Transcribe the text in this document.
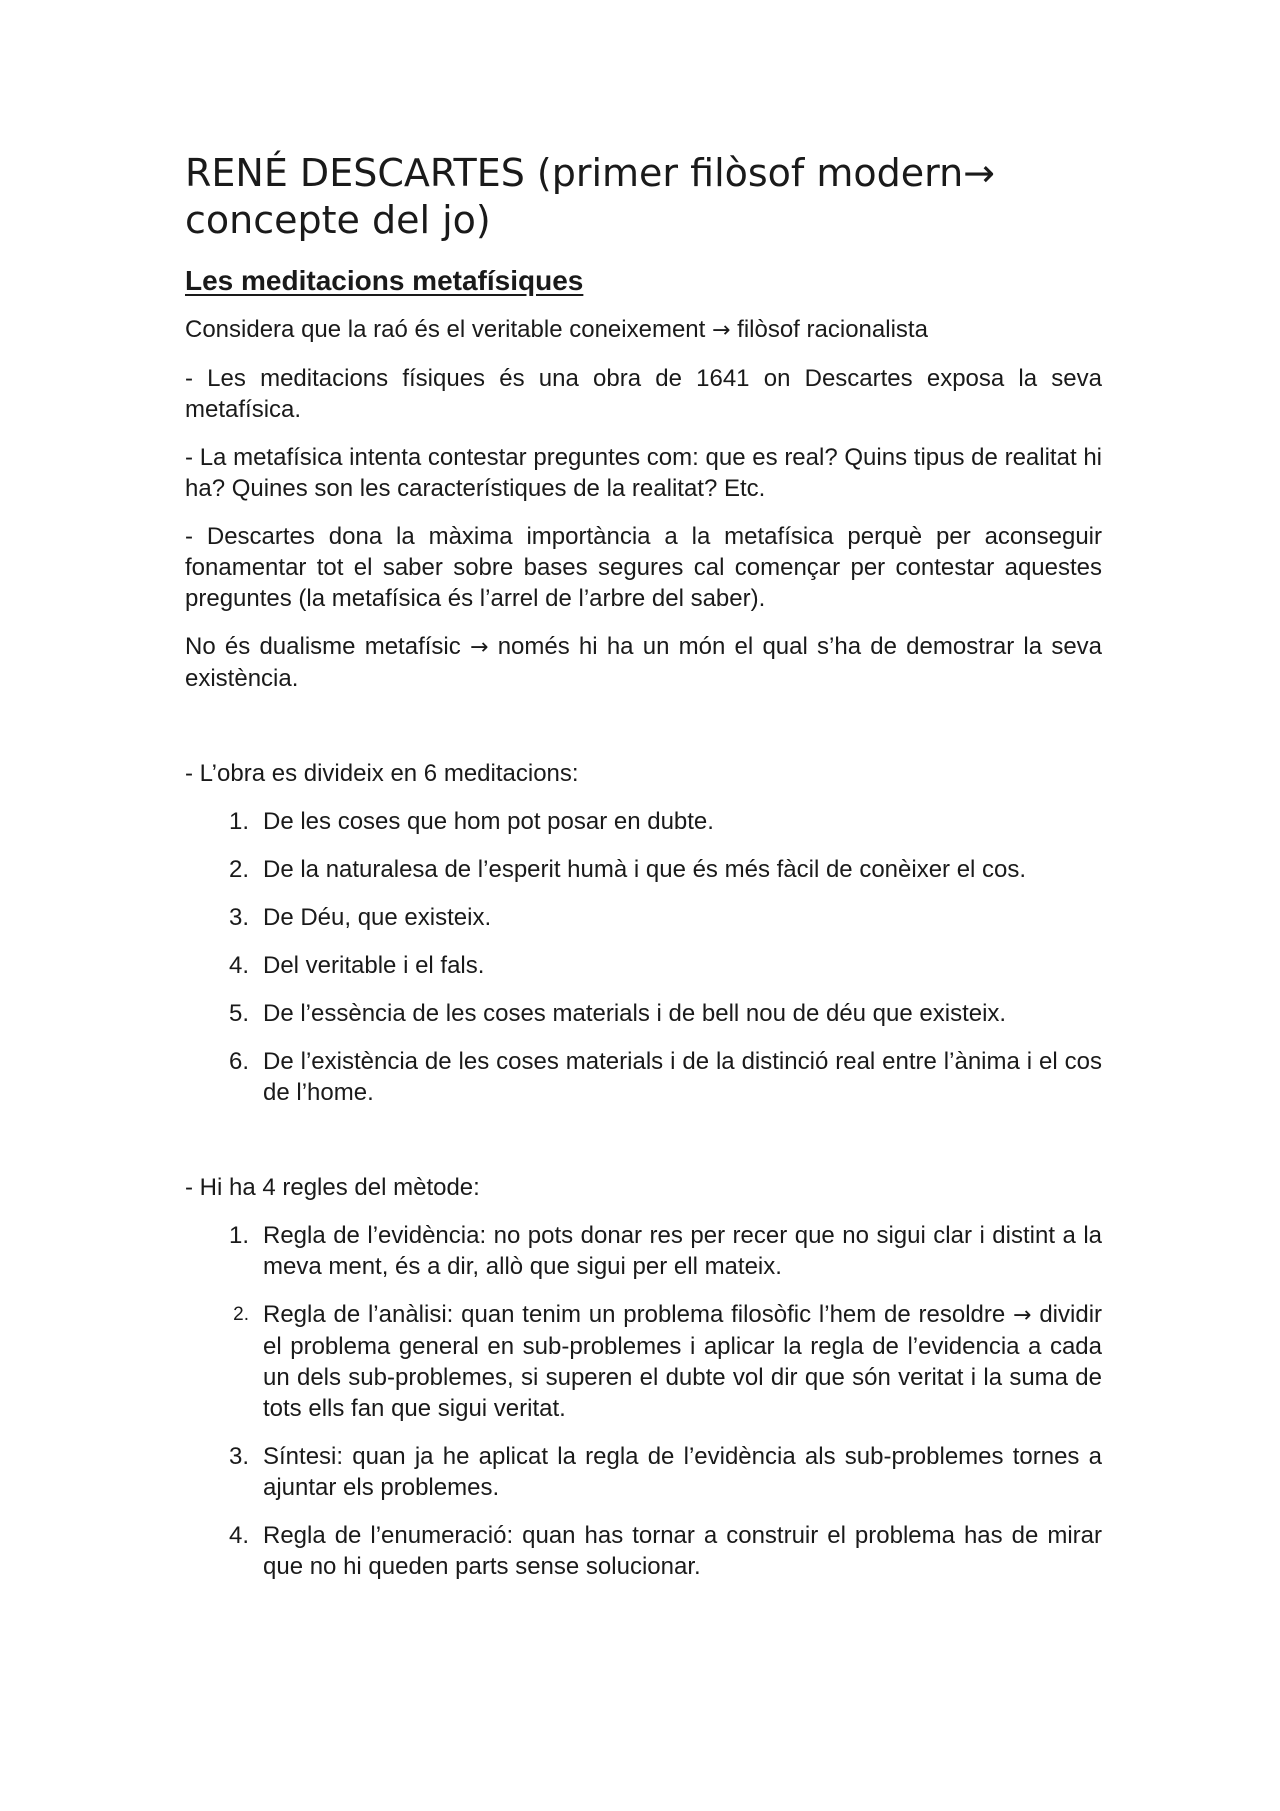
RENÉ DESCARTES (primer filòsof modern→ concepte del jo)
Les meditacions metafísiques

Considera que la raó és el veritable coneixement → filòsof racionalista

- Les meditacions físiques és una obra de 1641 on Descartes exposa la seva metafísica.

- La metafísica intenta contestar preguntes com: que es real? Quins tipus de realitat hi ha? Quines son les característiques de la realitat? Etc.

- Descartes dona la màxima importància a la metafísica perquè per aconseguir fonamentar tot el saber sobre bases segures cal començar per contestar aquestes preguntes (la metafísica és l’arrel de l’arbre del saber).

No és dualisme metafísic → només hi ha un món el qual s’ha de demostrar la seva existència.

- L’obra es divideix en 6 meditacions:

1. De les coses que hom pot posar en dubte.
2. De la naturalesa de l’esperit humà i que és més fàcil de conèixer el cos.
3. De Déu, que existeix.
4. Del veritable i el fals.
5. De l’essència de les coses materials i de bell nou de déu que existeix.
6. De l’existència de les coses materials i de la distinció real entre l’ànima i el cos de l’home.

- Hi ha 4 regles del mètode:

1. Regla de l’evidència: no pots donar res per recer que no sigui clar i distint a la meva ment, és a dir, allò que sigui per ell mateix.
2. Regla de l’anàlisi: quan tenim un problema filosòfic l’hem de resoldre → dividir el problema general en sub-problemes i aplicar la regla de l’evidencia a cada un dels sub-problemes, si superen el dubte vol dir que són veritat i la suma de tots ells fan que sigui veritat.
3. Síntesi: quan ja he aplicat la regla de l’evidència als sub-problemes tornes a ajuntar els problemes.
4. Regla de l’enumeració: quan has tornar a construir el problema has de mirar que no hi queden parts sense solucionar.
